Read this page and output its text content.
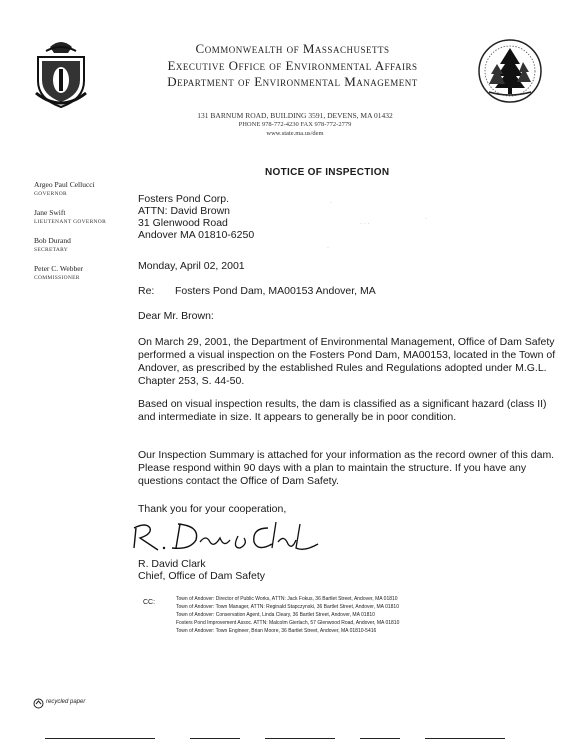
Commonwealth of Massachusetts
Executive Office of Environmental Affairs
Department of Environmental Management
131 BARNUM ROAD, BUILDING 3591, DEVENS, MA 01432
PHONE 978-772-4230 FAX 978-772-2779
www.state.ma.us/dem
NOTICE OF INSPECTION
Argeo Paul Cellucci
GOVERNOR
Jane Swift
LIEUTENANT GOVERNOR
Bob Durand
SECRETARY
Peter C. Webber
COMMISSIONER
Fosters Pond Corp.
ATTN: David Brown
31 Glenwood Road
Andover MA 01810-6250
.
. . .
.
.
Monday, April 02, 2001
Re: Fosters Pond Dam, MA00153 Andover, MA
Dear Mr. Brown:
On March 29, 2001, the Department of Environmental Management, Office of Dam Safety performed a visual inspection on the Fosters Pond Dam, MA00153, located in the Town of Andover, as prescribed by the established Rules and Regulations adopted under M.G.L. Chapter 253, S. 44-50.
Based on visual inspection results, the dam is classified as a significant hazard (class II) and intermediate in size. It appears to generally be in poor condition.
Our Inspection Summary is attached for your information as the record owner of this dam. Please respond within 90 days with a plan to maintain the structure. If you have any questions contact the Office of Dam Safety.
Thank you for your cooperation,
R. David Clark
Chief, Office of Dam Safety
CC:	Town of Andover: Director of Public Works, ATTN: Jack Fokus, 36 Bartlet Street, Andover, MA 01810
Town of Andover: Town Manager, ATTN: Reginald Stapczynski, 36 Bartlet Street, Andover, MA 01810
Town of Andover: Conservation Agent, Linda Cleary, 36 Bartlet Street, Andover, MA 01810
Fosters Pond Improvement Assoc. ATTN: Malcolm Gierlach, 57 Glenwood Road, Andover, MA 01810
Town of Andover: Town Engineer, Brian Moore, 36 Bartlet Street, Andover, MA 01810-5416
recycled paper
